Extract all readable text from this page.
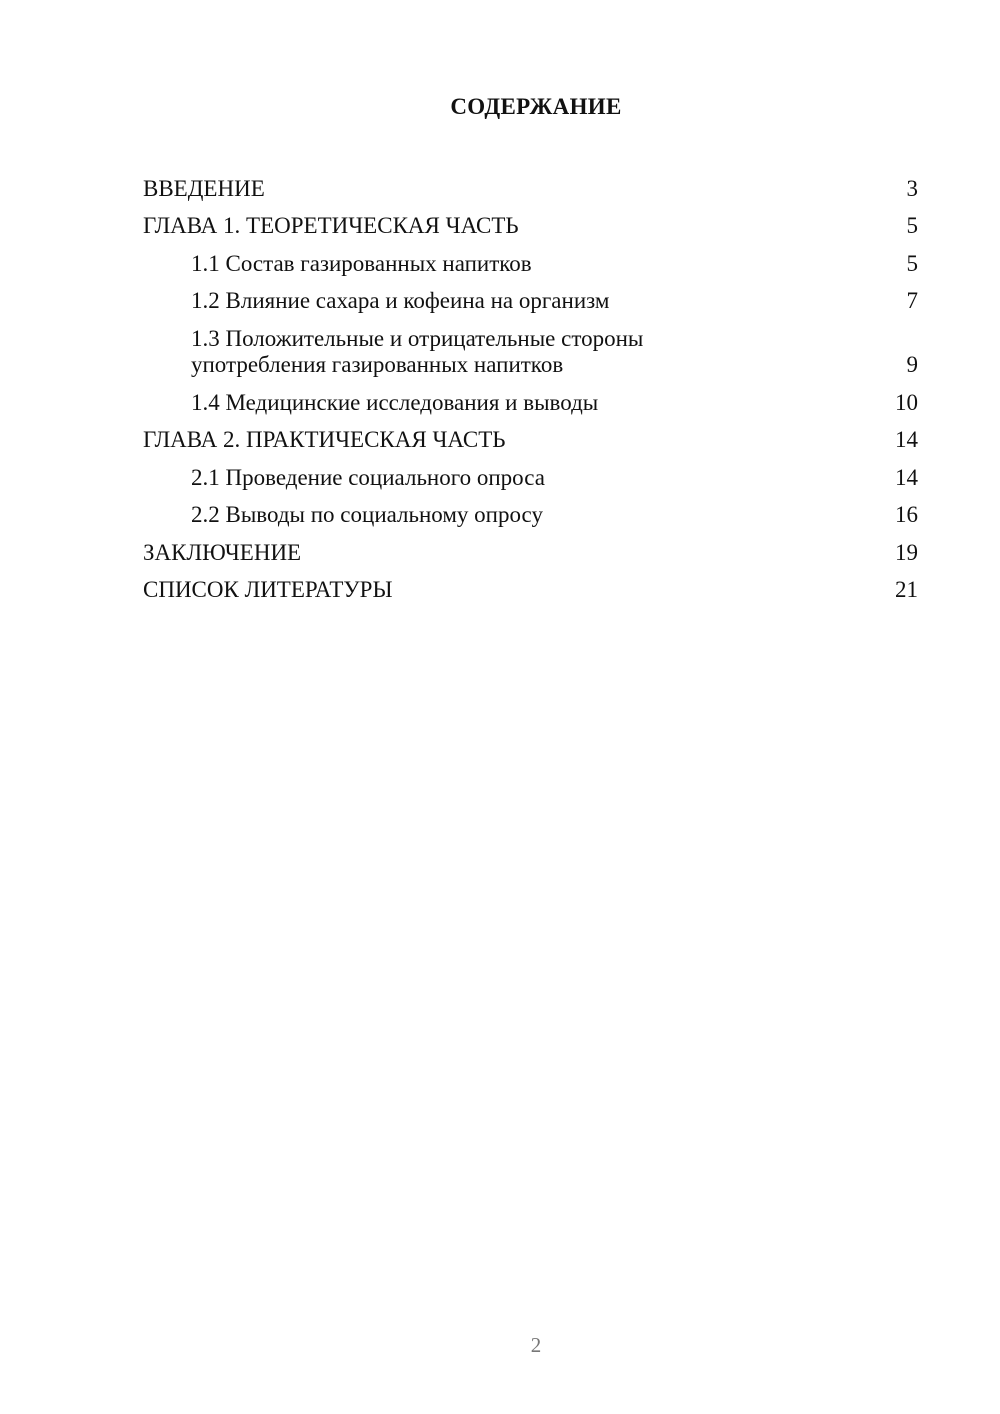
СОДЕРЖАНИЕ
ВВЕДЕНИЕ	3
ГЛАВА 1. ТЕОРЕТИЧЕСКАЯ ЧАСТЬ	5
1.1 Состав газированных напитков	5
1.2 Влияние сахара и кофеина на организм	7
1.3 Положительные и отрицательные стороны
употребления газированных напитков	9
1.4 Медицинские исследования и выводы	10
ГЛАВА 2. ПРАКТИЧЕСКАЯ ЧАСТЬ	14
2.1 Проведение социального опроса	14
2.2 Выводы по социальному опросу	16
ЗАКЛЮЧЕНИЕ	19
СПИСОК ЛИТЕРАТУРЫ	21
2
